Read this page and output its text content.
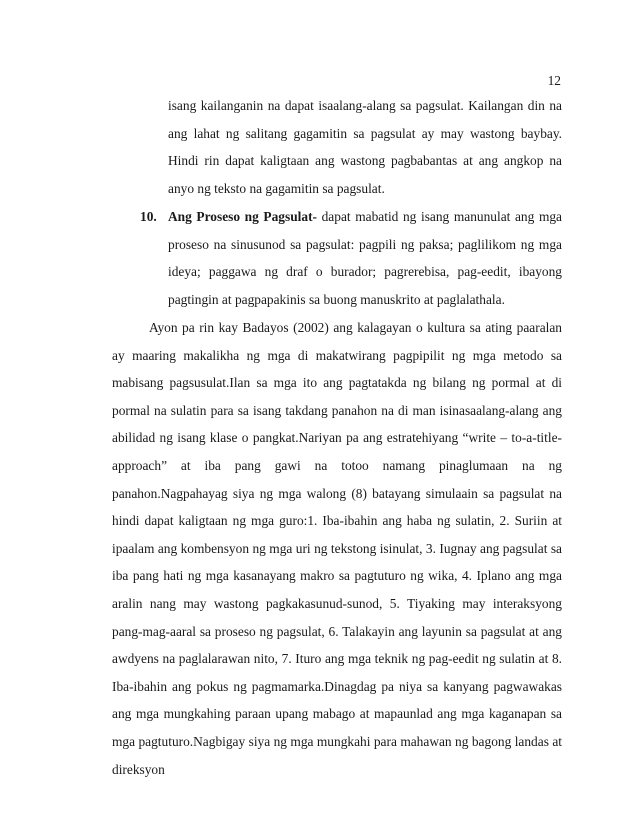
12

isang kailanganin na dapat isaalang-alang sa pagsulat. Kailangan din na ang lahat ng salitang gagamitin sa pagsulat ay may wastong baybay. Hindi rin dapat kaligtaan ang wastong pagbabantas at ang angkop na anyo ng teksto na gagamitin sa pagsulat.

10. Ang Proseso ng Pagsulat- dapat mabatid ng isang manunulat ang mga proseso na sinusunod sa pagsulat: pagpili ng paksa; paglilikom ng mga ideya; paggawa ng draf o burador; pagrerebisa, pag-eedit, ibayong pagtingin at pagpapakinis sa buong manuskrito at paglalathala.

Ayon pa rin kay Badayos (2002) ang kalagayan o kultura sa ating paaralan ay maaring makalikha ng mga di makatwirang pagpipilit ng mga metodo sa mabisang pagsusulat.Ilan sa mga ito ang pagtatakda ng bilang ng pormal at di pormal na sulatin para sa isang takdang panahon na di man isinasaalang-alang ang abilidad ng isang klase o pangkat.Nariyan pa ang estratehiyang “write – to-a-title-approach” at iba pang gawi na totoo namang pinaglumaan na ng panahon.Nagpahayag siya ng mga walong (8) batayang simulaain sa pagsulat na hindi dapat kaligtaan ng mga guro:1. Iba-ibahin ang haba ng sulatin, 2. Suriin at ipaalam ang kombensyon ng mga uri ng tekstong isinulat, 3. Iugnay ang pagsulat sa iba pang hati ng mga kasanayang makro sa pagtuturo ng wika, 4. Iplano ang mga aralin nang may wastong pagkakasunud-sunod, 5. Tiyaking may interaksyong pang-mag-aaral sa proseso ng pagsulat, 6. Talakayin ang layunin sa pagsulat at ang awdyens na paglalarawan nito, 7. Ituro ang mga teknik ng pag-eedit ng sulatin at 8. Iba-ibahin ang pokus ng pagmamarka.Dinagdag pa niya sa kanyang pagwawakas ang mga mungkahing paraan upang mabago at mapaunlad ang mga kaganapan sa mga pagtuturo.Nagbigay siya ng mga mungkahi para mahawan ng bagong landas at direksyon
